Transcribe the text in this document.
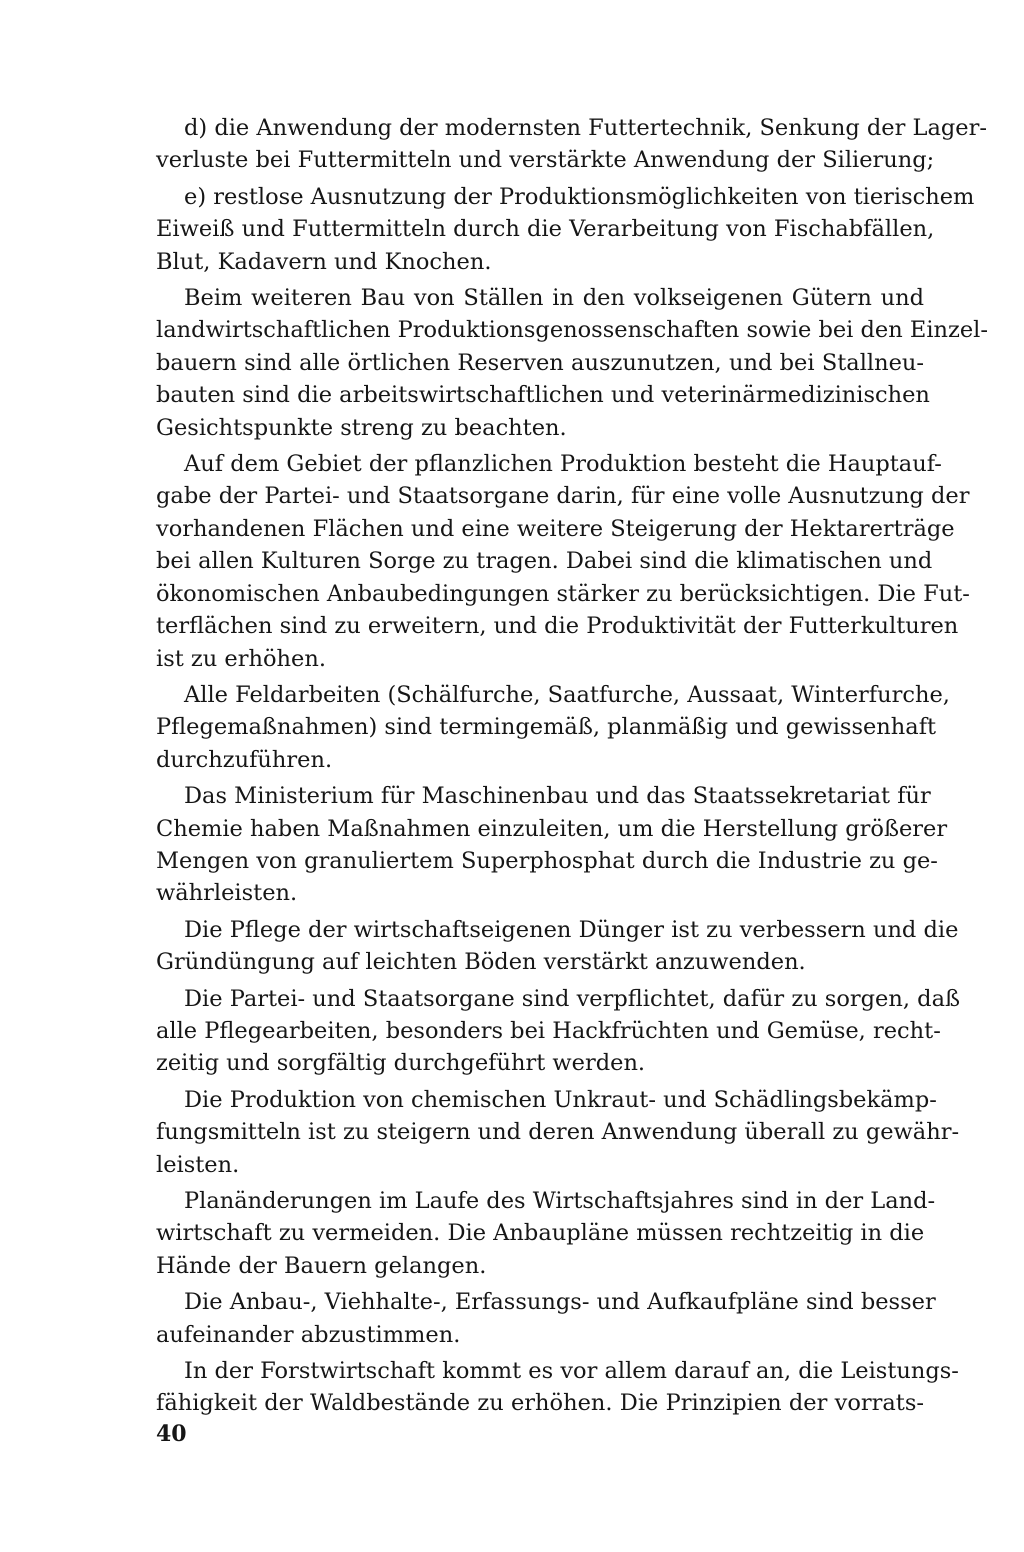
d) die Anwendung der modernsten Futtertechnik, Senkung der Lager-
verluste bei Futtermitteln und verstärkte Anwendung der Silierung;
e) restlose Ausnutzung der Produktionsmöglichkeiten von tierischem
Eiweiß und Futtermitteln durch die Verarbeitung von Fischabfällen,
Blut, Kadavern und Knochen.
Beim weiteren Bau von Ställen in den volkseigenen Gütern und
landwirtschaftlichen Produktionsgenossenschaften sowie bei den Einzel-
bauern sind alle örtlichen Reserven auszunutzen, und bei Stallneu-
bauten sind die arbeitswirtschaftlichen und veterinärmedizinischen
Gesichtspunkte streng zu beachten.
Auf dem Gebiet der pflanzlichen Produktion besteht die Hauptauf-
gabe der Partei- und Staatsorgane darin, für eine volle Ausnutzung der
vorhandenen Flächen und eine weitere Steigerung der Hektarerträge
bei allen Kulturen Sorge zu tragen. Dabei sind die klimatischen und
ökonomischen Anbaubedingungen stärker zu berücksichtigen. Die Fut-
terflächen sind zu erweitern, und die Produktivität der Futterkulturen
ist zu erhöhen.
Alle Feldarbeiten (Schälfurche, Saatfurche, Aussaat, Winterfurche,
Pflegemaßnahmen) sind termingemäß, planmäßig und gewissenhaft
durchzuführen.
Das Ministerium für Maschinenbau und das Staatssekretariat für
Chemie haben Maßnahmen einzuleiten, um die Herstellung größerer
Mengen von granuliertem Superphosphat durch die Industrie zu ge-
währleisten.
Die Pflege der wirtschaftseigenen Dünger ist zu verbessern und die
Gründüngung auf leichten Böden verstärkt anzuwenden.
Die Partei- und Staatsorgane sind verpflichtet, dafür zu sorgen, daß
alle Pflegearbeiten, besonders bei Hackfrüchten und Gemüse, recht-
zeitig und sorgfältig durchgeführt werden.
Die Produktion von chemischen Unkraut- und Schädlingsbekämp-
fungsmitteln ist zu steigern und deren Anwendung überall zu gewähr-
leisten.
Planänderungen im Laufe des Wirtschaftsjahres sind in der Land-
wirtschaft zu vermeiden. Die Anbaupläne müssen rechtzeitig in die
Hände der Bauern gelangen.
Die Anbau-, Viehhalte-, Erfassungs- und Aufkaufpläne sind besser
aufeinander abzustimmen.
In der Forstwirtschaft kommt es vor allem darauf an, die Leistungs-
fähigkeit der Waldbestände zu erhöhen. Die Prinzipien der vorrats-
40
